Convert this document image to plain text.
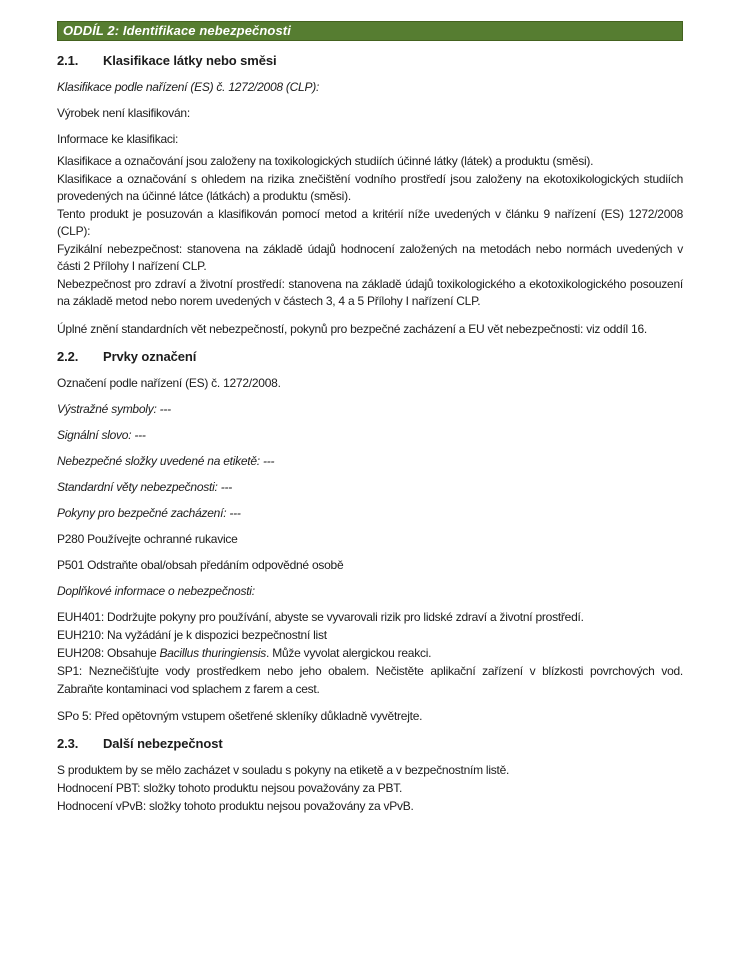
ODDÍL 2: Identifikace nebezpečnosti
2.1.	Klasifikace látky nebo směsi

Klasifikace podle nařízení (ES) č. 1272/2008 (CLP):

Výrobek není klasifikován:

Informace ke klasifikaci:

Klasifikace a označování jsou založeny na toxikologických studiích účinné látky (látek) a produktu (směsi).

Klasifikace a označování s ohledem na rizika znečištění vodního prostředí jsou založeny na ekotoxikologických studiích provedených na účinné látce (látkách) a produktu (směsi).

Tento produkt je posuzován a klasifikován pomocí metod a kritérií níže uvedených v článku 9 nařízení (ES) 1272/2008 (CLP):

Fyzikální nebezpečnost: stanovena na základě údajů hodnocení založených na metodách nebo normách uvedených v části 2 Přílohy I nařízení CLP.

Nebezpečnost pro zdraví a životní prostředí: stanovena na základě údajů toxikologického a ekotoxikologického posouzení na základě metod nebo norem uvedených v částech 3, 4 a 5 Přílohy I nařízení CLP.

Úplné znění standardních vět nebezpečností, pokynů pro bezpečné zacházení a EU vět nebezpečnosti: viz oddíl 16.

2.2.	Prvky označení

Označení podle nařízení (ES) č. 1272/2008.

Výstražné symboly: ---

Signální slovo: ---

Nebezpečné složky uvedené na etiketě: ---

Standardní věty nebezpečnosti: ---

Pokyny pro bezpečné zacházení: ---

P280 Používejte ochranné rukavice

P501 Odstraňte obal/obsah předáním odpovědné osobě

Doplňkové informace o nebezpečnosti:

EUH401: Dodržujte pokyny pro používání, abyste se vyvarovali rizik pro lidské zdraví a životní prostředí.

EUH210: Na vyžádání je k dispozici bezpečnostní list

EUH208: Obsahuje Bacillus thuringiensis. Může vyvolat alergickou reakci.

SP1: Neznečišťujte vody prostředkem nebo jeho obalem. Nečistěte aplikační zařízení v blízkosti povrchových vod. Zabraňte kontaminaci vod splachem z farem a cest.

SPo 5: Před opětovným vstupem ošetřené skleníky důkladně vyvětrejte.

2.3.	Další nebezpečnost

S produktem by se mělo zacházet v souladu s pokyny na etiketě a v bezpečnostním listě.

Hodnocení PBT: složky tohoto produktu nejsou považovány za PBT.

Hodnocení vPvB: složky tohoto produktu nejsou považovány za vPvB.
